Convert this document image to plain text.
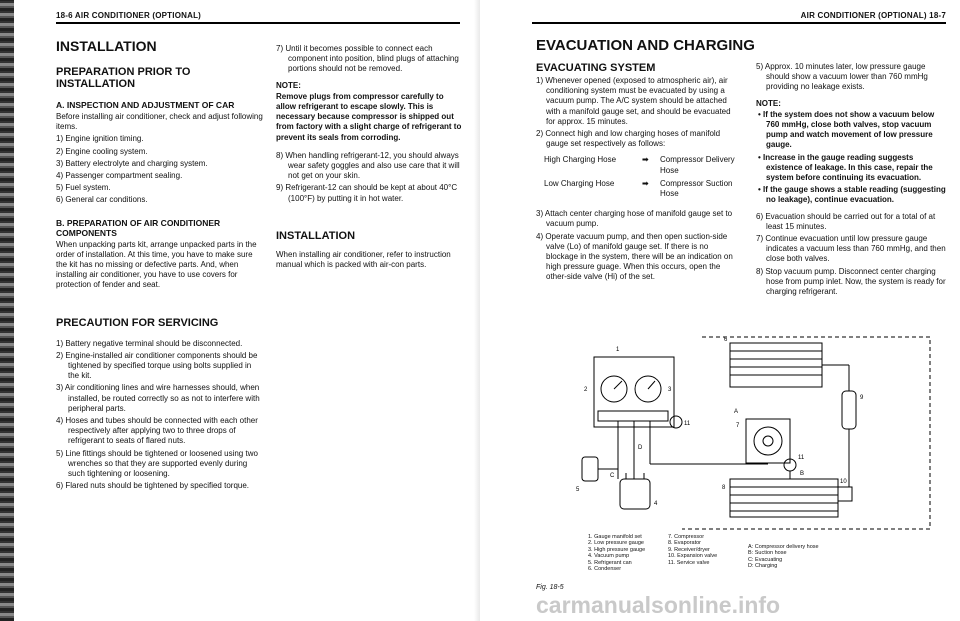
18-6 AIR CONDITIONER (OPTIONAL)
INSTALLATION
PREPARATION PRIOR TO INSTALLATION
A. INSPECTION AND ADJUSTMENT OF CAR

Before installing air conditioner, check and adjust following items.

1) Engine ignition timing.
2) Engine cooling system.
3) Battery electrolyte and charging system.
4) Passenger compartment sealing.
5) Fuel system.
6) General car conditions.
B. PREPARATION OF AIR CONDITIONER COMPONENTS

When unpacking parts kit, arrange unpacked parts in the order of installation. At this time, you have to make sure the kit has no missing or defective parts. And, when installing air conditioner, you have to use covers for protection of fender and seat.

PRECAUTION FOR SERVICING
1) Battery negative terminal should be disconnected.
2) Engine-installed air conditioner components should be tightened by specified torque using bolts supplied in the kit.
3) Air conditioning lines and wire harnesses should, when installed, be routed correctly so as not to interfere with peripheral parts.
4) Hoses and tubes should be connected with each other respectively after applying two to three drops of refrigerant to seats of flared nuts.
5) Line fittings should be tightened or loosened using two wrenches so that they are supported evenly during such tightening or loosening.
6) Flared nuts should be tightened by specified torque.

7) Until it becomes possible to connect each component into position, blind plugs of attaching portions should not be removed.

NOTE:

Remove plugs from compressor carefully to allow refrigerant to escape slowly. This is necessary because compressor is shipped out from factory with a slight charge of refrigerant to prevent its seals from corroding.

8) When handling refrigerant-12, you should always wear safety goggles and also use care that it will not get on your skin.

9) Refrigerant-12 can should be kept at about 40°C (100°F) by putting it in hot water.

INSTALLATION

When installing air conditioner, refer to instruction manual which is packed with air-con parts.

AIR CONDITIONER (OPTIONAL) 18-7
EVACUATION AND CHARGING
EVACUATING SYSTEM

1) Whenever opened (exposed to atmospheric air), air conditioning system must be evacuated by using a vacuum pump. The A/C system should be attached with a manifold gauge set, and should be evacuated for approx. 15 minutes.

2) Connect high and low charging hoses of manifold gauge set respectively as follows:

High Charging Hose	➡	Compressor Delivery Hose
Low Charging Hose	➡	Compressor Suction Hose

3) Attach center charging hose of manifold gauge set to vacuum pump.

4) Operate vacuum pump, and then open suction-side valve (Lo) of manifold gauge set. If there is no blockage in the system, there will be an indication on high pressure guage. When this occurs, open the other-side valve (Hi) of the set.

5) Approx. 10 minutes later, low pressure gauge should show a vacuum lower than 760 mmHg providing no leakage exists.

NOTE:
• If the system does not show a vacuum below 760 mmHg, close both valves, stop vacuum pump and watch movement of low pressure gauge.
• Increase in the gauge reading suggests existence of leakage. In this case, repair the system before continuing its evacuation.
• If the gauge shows a stable reading (suggesting no leakage), continue evacuation.

6) Evacuation should be carried out for a total of at least 15 minutes.

7) Continue evacuation until low pressure gauge indicates a vacuum less than 760 mmHg, and then close both valves.

8) Stop vacuum pump. Disconnect center charging hose from pump inlet. Now, the system is ready for charging refrigerant.

1
2	3
4
5
6
7
8
9
10
11
11
A
B
C
D
1. Gauge manifold set
2. Low pressure gauge
3. High pressure gauge
4. Vacuum pump
5. Refrigerant can
6. Condenser
7. Compressor
8. Evaporator
9. Receiver/dryer
10. Expansion valve
11. Service valve
A: Compressor delivery hose
B: Suction hose
C: Evacuating
D: Charging
Fig. 18-5
carmanualsonline.info
